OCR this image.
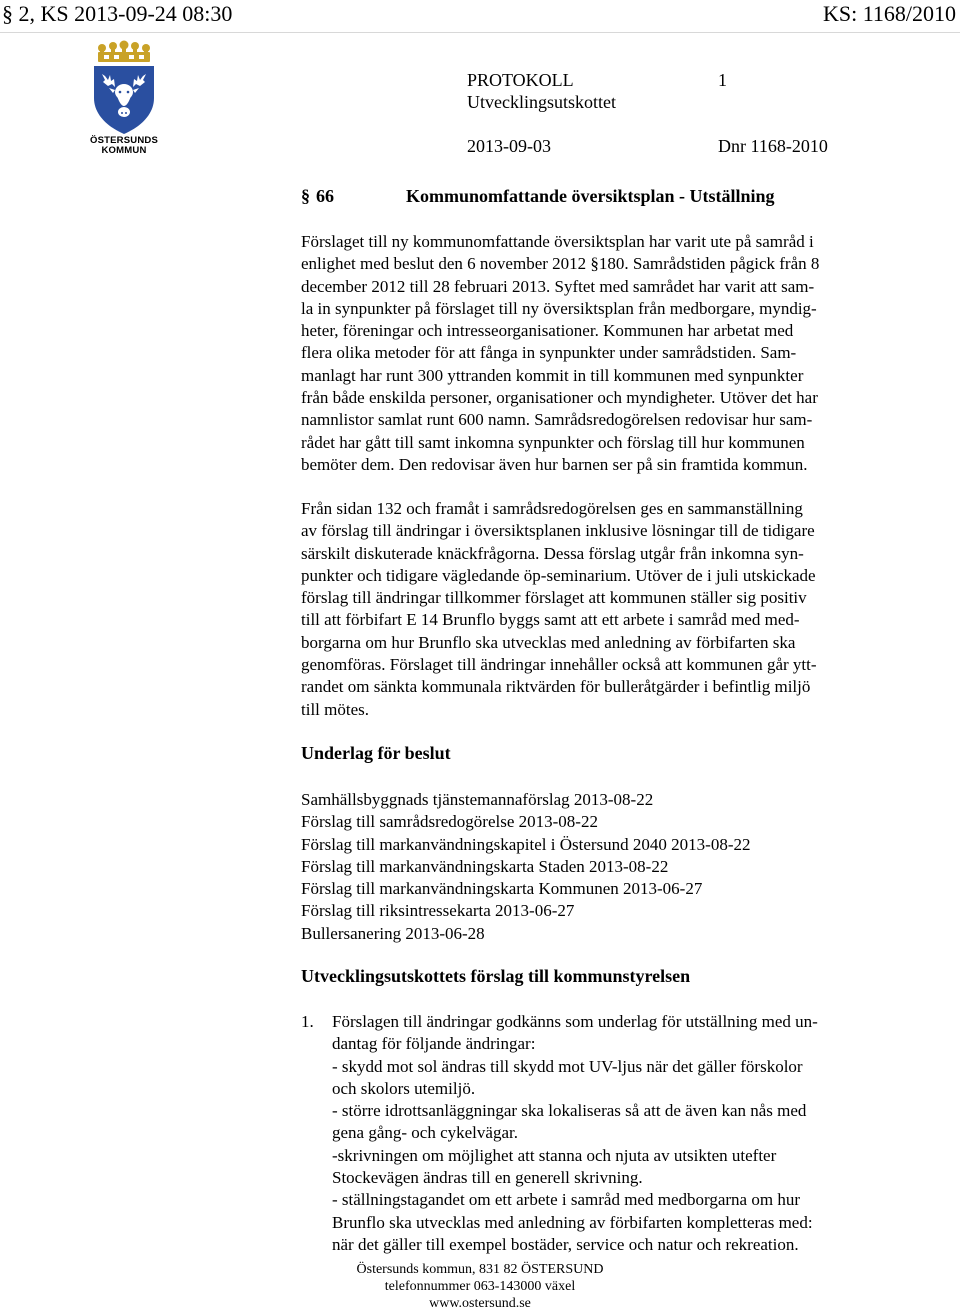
§ 2, KS 2013-09-24 08:30	KS: 1168/2010
ÖSTERSUNDS KOMMUN
PROTOKOLL	1
Utvecklingsutskottet
2013-09-03	Dnr 1168-2010
§ 66	Kommunomfattande översiktsplan - Utställning
Förslaget till ny kommunomfattande översiktsplan har varit ute på samråd i
enlighet med beslut den 6 november 2012 §180. Samrådstiden pågick från 8
december 2012 till 28 februari 2013. Syftet med samrådet har varit att sam-
la in synpunkter på förslaget till ny översiktsplan från medborgare, myndig-
heter, föreningar och intresseorganisationer. Kommunen har arbetat med
flera olika metoder för att fånga in synpunkter under samrådstiden. Sam-
manlagt har runt 300 yttranden kommit in till kommunen med synpunkter
från både enskilda personer, organisationer och myndigheter. Utöver det har
namnlistor samlat runt 600 namn. Samrådsredogörelsen redovisar hur sam-
rådet har gått till samt inkomna synpunkter och förslag till hur kommunen
bemöter dem. Den redovisar även hur barnen ser på sin framtida kommun.
Från sidan 132 och framåt i samrådsredogörelsen ges en sammanställning
av förslag till ändringar i översiktsplanen inklusive lösningar till de tidigare
särskilt diskuterade knäckfrågorna. Dessa förslag utgår från inkomna syn-
punkter och tidigare vägledande öp-seminarium. Utöver de i juli utskickade
förslag till ändringar tillkommer förslaget att kommunen ställer sig positiv
till att förbifart E 14 Brunflo byggs samt att ett arbete i samråd med med-
borgarna om hur Brunflo ska utvecklas med anledning av förbifarten ska
genomföras. Förslaget till ändringar innehåller också att kommunen går ytt-
randet om sänkta kommunala riktvärden för bulleråtgärder i befintlig miljö
till mötes.
Underlag för beslut
Samhällsbyggnads tjänstemannaförslag 2013-08-22
Förslag till samrådsredogörelse 2013-08-22
Förslag till markanvändningskapitel i Östersund 2040 2013-08-22
Förslag till markanvändningskarta Staden 2013-08-22
Förslag till markanvändningskarta Kommunen 2013-06-27
Förslag till riksintressekarta 2013-06-27
Bullersanering 2013-06-28
Utvecklingsutskottets förslag till kommunstyrelsen
1. Förslagen till ändringar godkänns som underlag för utställning med un-
dantag för följande ändringar:
- skydd mot sol ändras till skydd mot UV-ljus när det gäller förskolor
och skolors utemiljö.
- större idrottsanläggningar ska lokaliseras så att de även kan nås med
gena gång- och cykelvägar.
-skrivningen om möjlighet att stanna och njuta av utsikten utefter
Stockevägen ändras till en generell skrivning.
- ställningstagandet om ett arbete i samråd med medborgarna om hur
Brunflo ska utvecklas med anledning av förbifarten kompletteras med:
när det gäller till exempel bostäder, service och natur och rekreation.
Östersunds kommun, 831 82 ÖSTERSUND
telefonnummer 063-143000 växel
www.ostersund.se
